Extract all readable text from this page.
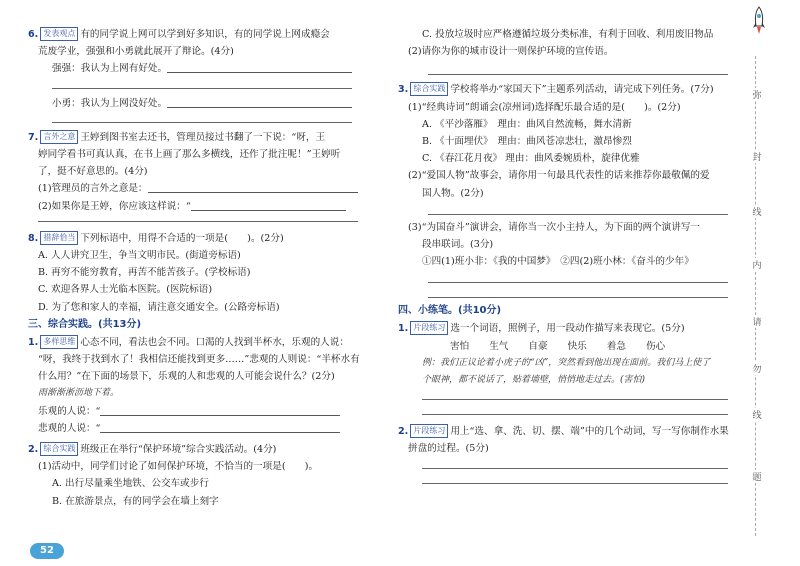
6. 发表观点 有的同学说上网可以学到好多知识，有的同学说上网成瘾会

荒废学业，强强和小勇就此展开了辩论。(4分)

强强：我认为上网有好处。

小勇：我认为上网没好处。

7. 言外之意 王婷到图书室去还书，管理员接过书翻了一下说：“呀，王

婷同学看书可真认真，在书上画了那么多横线，还作了批注呢！”王婷听

了，挺不好意思的。(4分)

(1)管理员的言外之意是：

(2)如果你是王婷，你应该这样说：“

8. 措辞恰当 下列标语中，用得不合适的一项是(　　)。(2分)

A. 人人讲究卫生，争当文明市民。(街道旁标语)

B. 再穷不能穷教育，再苦不能苦孩子。(学校标语)

C. 欢迎各界人士光临本医院。(医院标语)

D. 为了您和家人的幸福，请注意交通安全。(公路旁标语)

三、综合实践。(共13分)

1. 多样思维 心态不同，看法也会不同。口渴的人找到半杯水，乐观的人说：

“呀，我终于找到水了！我相信还能找到更多……”悲观的人则说：“半杯水有

什么用？”在下面的场景下，乐观的人和悲观的人可能会说什么？(2分)

雨渐渐淅沥地下着。

乐观的人说：“

悲观的人说：“

2. 综合实践 班级正在举行“保护环境”综合实践活动。(4分)

(1)活动中，同学们讨论了如何保护环境，不恰当的一项是(　　)。

A. 出行尽量乘坐地铁、公交车或步行

B. 在旅游景点，有的同学会在墙上刻字

C. 投放垃圾时应严格遵循垃圾分类标准，有利于回收、利用废旧物品

(2)请你为你的城市设计一则保护环境的宣传语。

3. 综合实践 学校将举办“家国天下”主题系列活动，请完成下列任务。(7分)

(1)“经典诗词”朗诵会(凉州词)选择配乐最合适的是(　　)。(2分)

A. 《平沙落雁》　理由：曲风自然流畅，舞水清新

B. 《十面埋伏》　理由：曲风苍凉悲壮，激昂惨烈

C. 《春江花月夜》 理由：曲风委婉质朴，旋律优雅

(2)“爱国人物”故事会，请你用一句最具代表性的话来推荐你最敬佩的爱

国人物。(2分)

(3)“为国奋斗”演讲会，请你当一次小主持人，为下面的两个演讲写一

段串联词。(3分)

①四(1)班小非：《我的中国梦》　②四(2)班小林：《奋斗的少年》

四、小练笔。(共10分)

1. 片段练习 选一个词语，照例子，用一段动作描写来表现它。(5分)

害怕 生气 自豪 快乐 着急 伤心

例：我们正议论着小虎子的“凶”，突然看到他出现在面前。我们马上使了

个眼神，都不说话了，贴着墙壁，悄悄地走过去。(害怕)

2. 片段练习 用上“选、拿、洗、切、摆、端”中的几个动词，写一写你制作水果

拼盘的过程。(5分)

弥
封
线
内
请
勿
线
题
52
